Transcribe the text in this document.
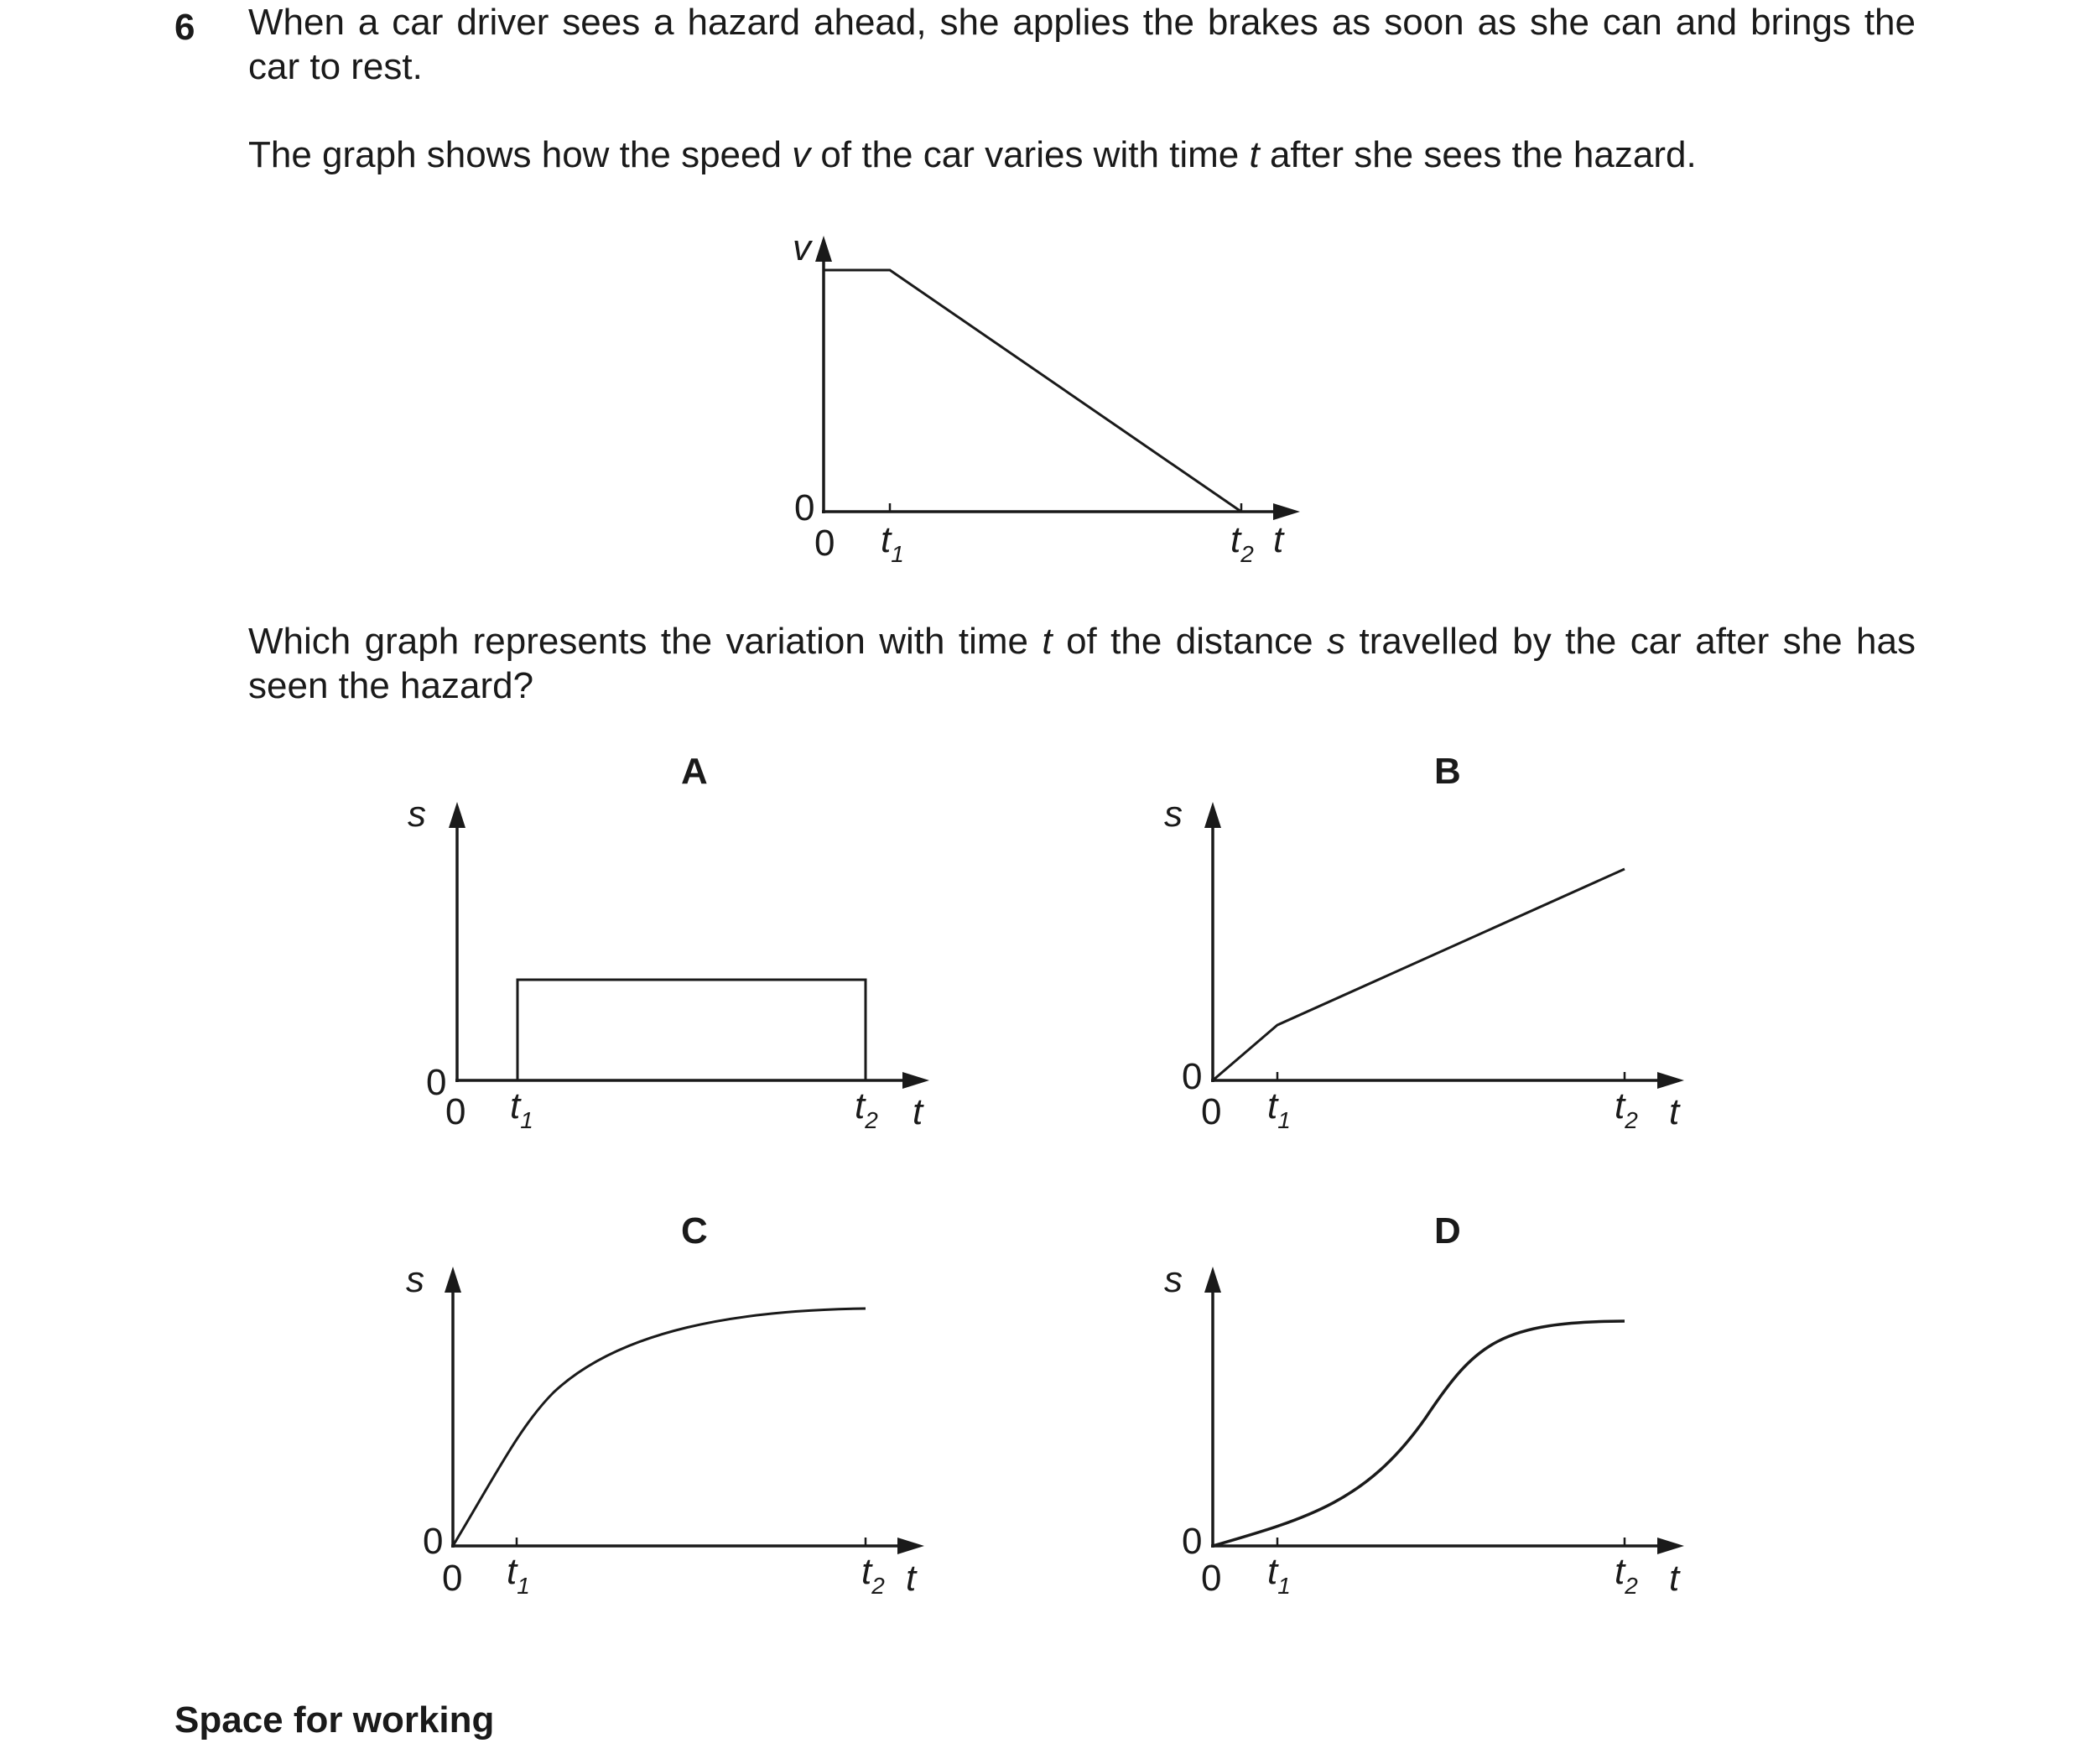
6 When a car driver sees a hazard ahead, she applies the brakes as soon as she can and brings the car to rest.

The graph shows how the speed v of the car varies with time t after she sees the hazard.

Which graph represents the variation with time t of the distance s travelled by the car after she has seen the hazard?

v
0
0 $t_1$	$t_2$ t
A
s
0
0 $t_1$	$t_2$ t
B
s
0
0 $t_1$	$t_2$ t
C
s
0
0 $t_1$	$t_2$ t
D
s
0
0 $t_1$	$t_2$ t
Space for working
